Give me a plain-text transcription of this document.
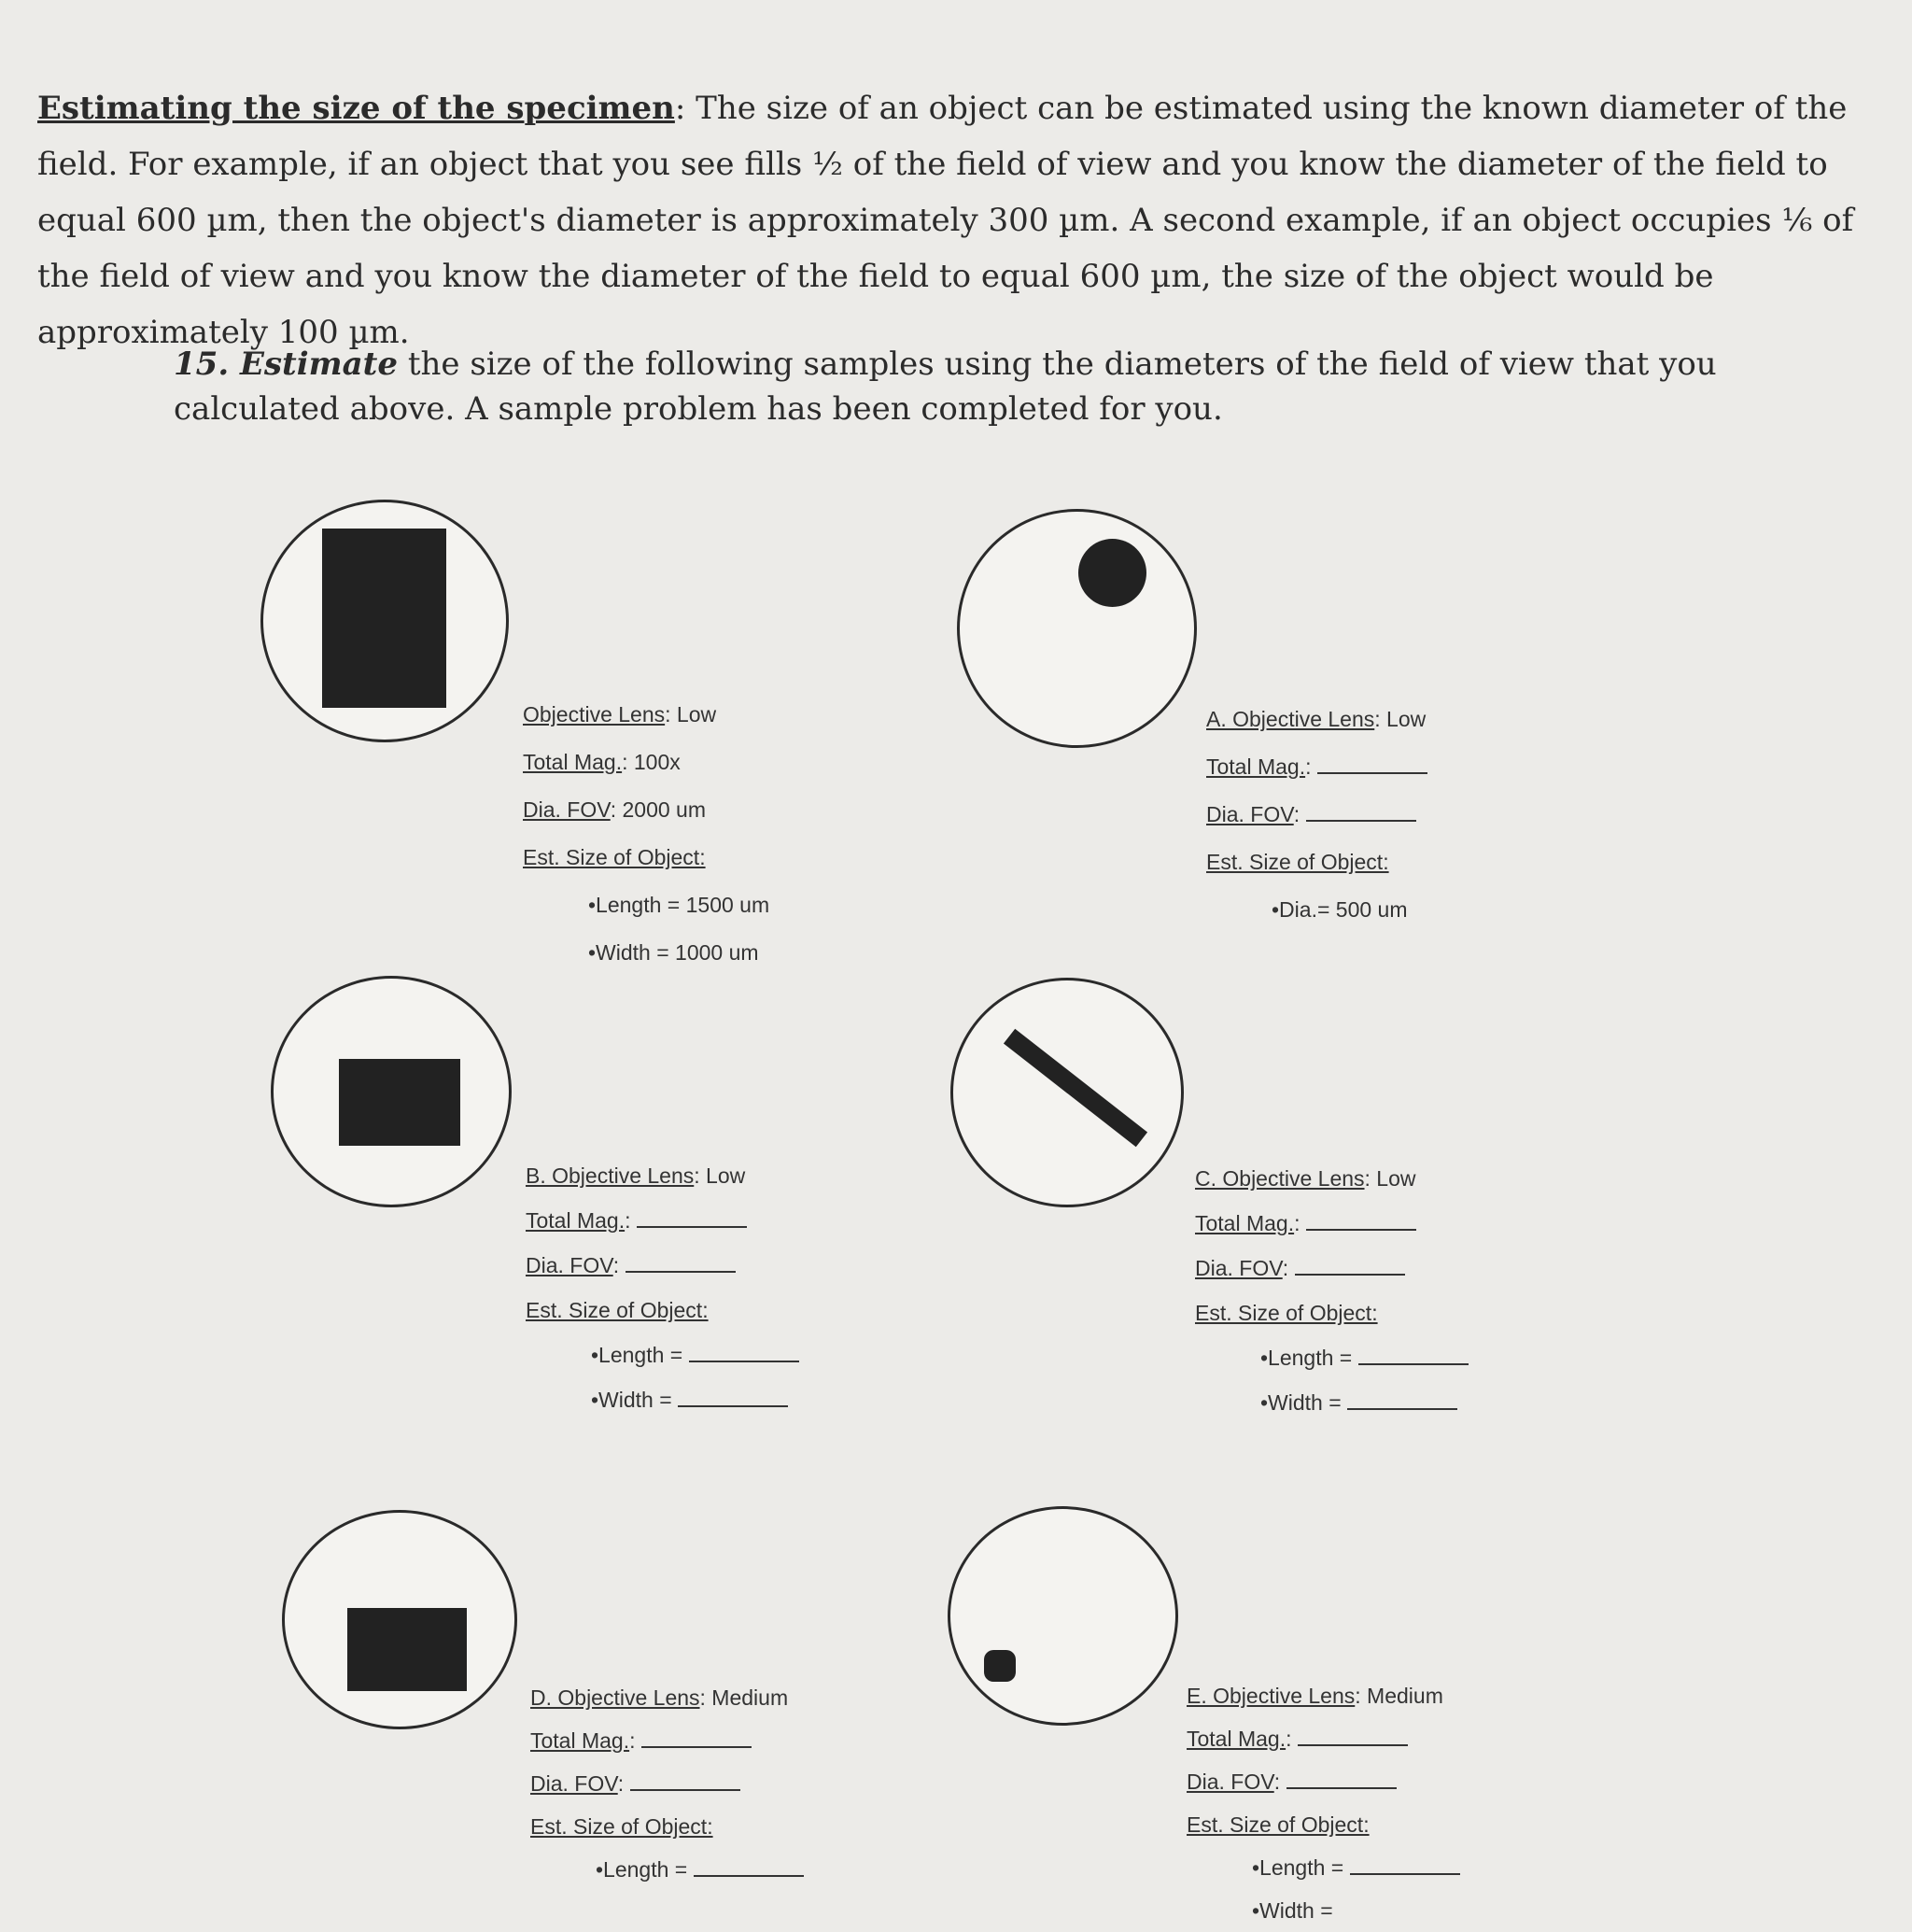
Estimating the size of the specimen: The size of an object can be estimated using the known diameter of the field. For example, if an object that you see fills ½ of the field of view and you know the diameter of the field to equal 600 µm, then the object's diameter is approximately 300 µm. A second example, if an object occupies ⅙ of the field of view and you know the diameter of the field to equal 600 µm, the size of the object would be approximately 100 µm.
15. Estimate the size of the following samples using the diameters of the field of view that you calculated above. A sample problem has been completed for you.
Objective Lens: Low
Total Mag.: 100x
Dia. FOV: 2000 um
Est. Size of Object:
•Length = 1500 um
•Width = 1000 um
A. Objective Lens: Low
Total Mag.:
Dia. FOV:
Est. Size of Object:
•Dia.= 500 um
B. Objective Lens: Low
Total Mag.:
Dia. FOV:
Est. Size of Object:
•Length =
•Width =
C. Objective Lens: Low
Total Mag.:
Dia. FOV:
Est. Size of Object:
•Length =
•Width =
D. Objective Lens: Medium
Total Mag.:
Dia. FOV:
Est. Size of Object:
•Length =
E. Objective Lens: Medium
Total Mag.:
Dia. FOV:
Est. Size of Object:
•Length =
•Width =
